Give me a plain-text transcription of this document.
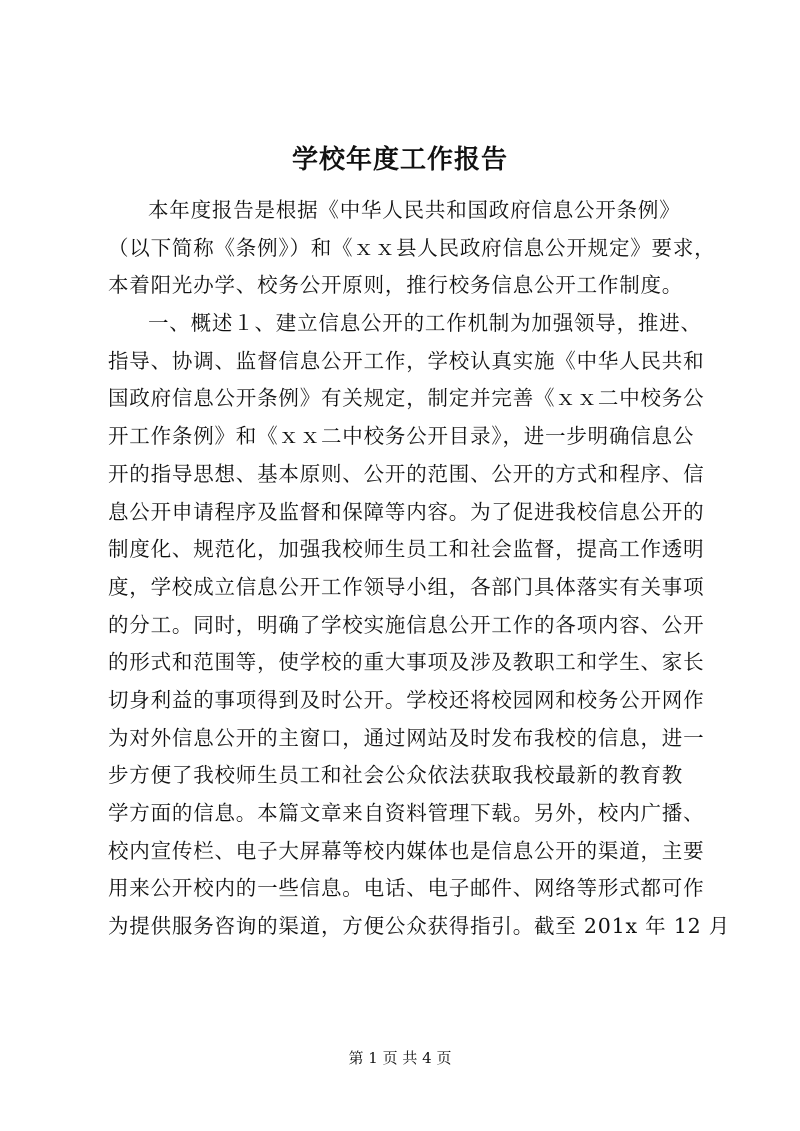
学校年度工作报告
本年度报告是根据《中华人民共和国政府信息公开条例》
（以下简称《条例》）和《ｘｘ县人民政府信息公开规定》要求，
本着阳光办学、校务公开原则，推行校务信息公开工作制度。
一、概述１、建立信息公开的工作机制为加强领导，推进、
指导、协调、监督信息公开工作，学校认真实施《中华人民共和
国政府信息公开条例》有关规定，制定并完善《ｘｘ二中校务公
开工作条例》和《ｘｘ二中校务公开目录》，进一步明确信息公
开的指导思想、基本原则、公开的范围、公开的方式和程序、信
息公开申请程序及监督和保障等内容。为了促进我校信息公开的
制度化、规范化，加强我校师生员工和社会监督，提高工作透明
度，学校成立信息公开工作领导小组，各部门具体落实有关事项
的分工。同时，明确了学校实施信息公开工作的各项内容、公开
的形式和范围等，使学校的重大事项及涉及教职工和学生、家长
切身利益的事项得到及时公开。学校还将校园网和校务公开网作
为对外信息公开的主窗口，通过网站及时发布我校的信息，进一
步方便了我校师生员工和社会公众依法获取我校最新的教育教
学方面的信息。本篇文章来自资料管理下载。另外，校内广播、
校内宣传栏、电子大屏幕等校内媒体也是信息公开的渠道，主要
用来公开校内的一些信息。电话、电子邮件、网络等形式都可作
为提供服务咨询的渠道，方便公众获得指引。截至 201x 年 12 月
第 1 页 共 4 页
